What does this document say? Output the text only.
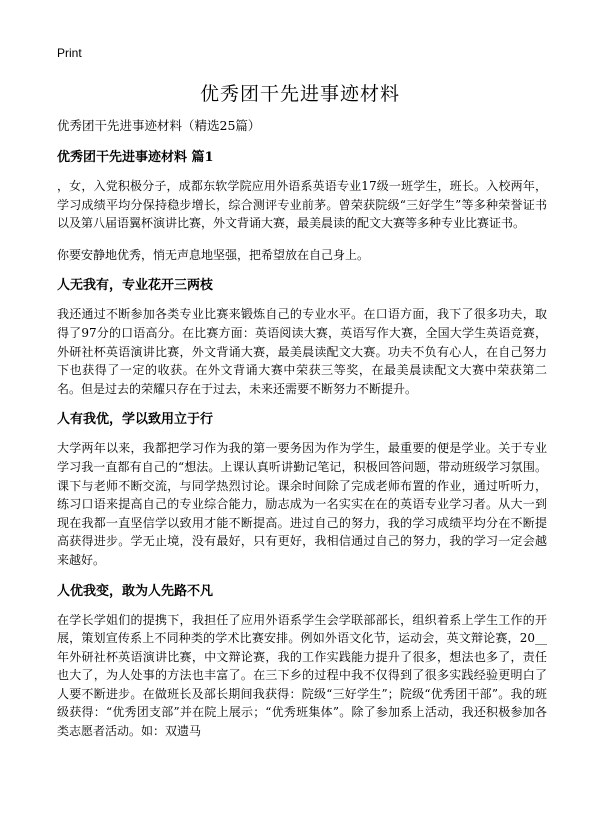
Print
优秀团干先进事迹材料

优秀团干先进事迹材料（精选25篇）

优秀团干先进事迹材料 篇1

，女，入党积极分子，成都东软学院应用外语系英语专业17级一班学生，班长。入校两年，学习成绩平均分保持稳步增长，综合测评专业前茅。曾荣获院级“三好学生”等多种荣誉证书以及第八届语翼杯演讲比赛，外文背诵大赛，最美晨读的配文大赛等多种专业比赛证书。

你要安静地优秀，悄无声息地坚强，把希望放在自己身上。

人无我有，专业花开三两枝

我还通过不断参加各类专业比赛来锻炼自己的专业水平。在口语方面，我下了很多功夫，取得了97分的口语高分。在比赛方面：英语阅读大赛，英语写作大赛，全国大学生英语竞赛，外研社杯英语演讲比赛，外文背诵大赛，最美晨读配文大赛。功夫不负有心人，在自己努力下也获得了一定的收获。在外文背诵大赛中荣获三等奖，在最美晨读配文大赛中荣获第二名。但是过去的荣耀只存在于过去，未来还需要不断努力不断提升。

人有我优，学以致用立于行

大学两年以来，我都把学习作为我的第一要务因为作为学生，最重要的便是学业。关于专业学习我一直都有自己的“想法。上课认真听讲勤记笔记，积极回答问题，带动班级学习氛围。课下与老师不断交流，与同学热烈讨论。课余时间除了完成老师布置的作业，通过听听力，练习口语来提高自己的专业综合能力，励志成为一名实实在在的英语专业学习者。从大一到现在我都一直坚信学以致用才能不断提高。进过自己的努力，我的学习成绩平均分在不断提高获得进步。学无止境，没有最好，只有更好，我相信通过自己的努力，我的学习一定会越来越好。

人优我变，敢为人先路不凡

在学长学姐们的提携下，我担任了应用外语系学生会学联部部长，组织着系上学生工作的开展，策划宣传系上不同种类的学术比赛安排。例如外语文化节，运动会，英文辩论赛，20__年外研社杯英语演讲比赛，中文辩论赛，我的工作实践能力提升了很多，想法也多了，责任也大了，为人处事的方法也丰富了。在三下乡的过程中我不仅得到了很多实践经验更明白了人要不断进步。在做班长及部长期间我获得：院级“三好学生”；院级“优秀团干部”。我的班级获得：“优秀团支部”并在院上展示；“优秀班集体”。除了参加系上活动，我还积极参加各类志愿者活动。如：双遗马
